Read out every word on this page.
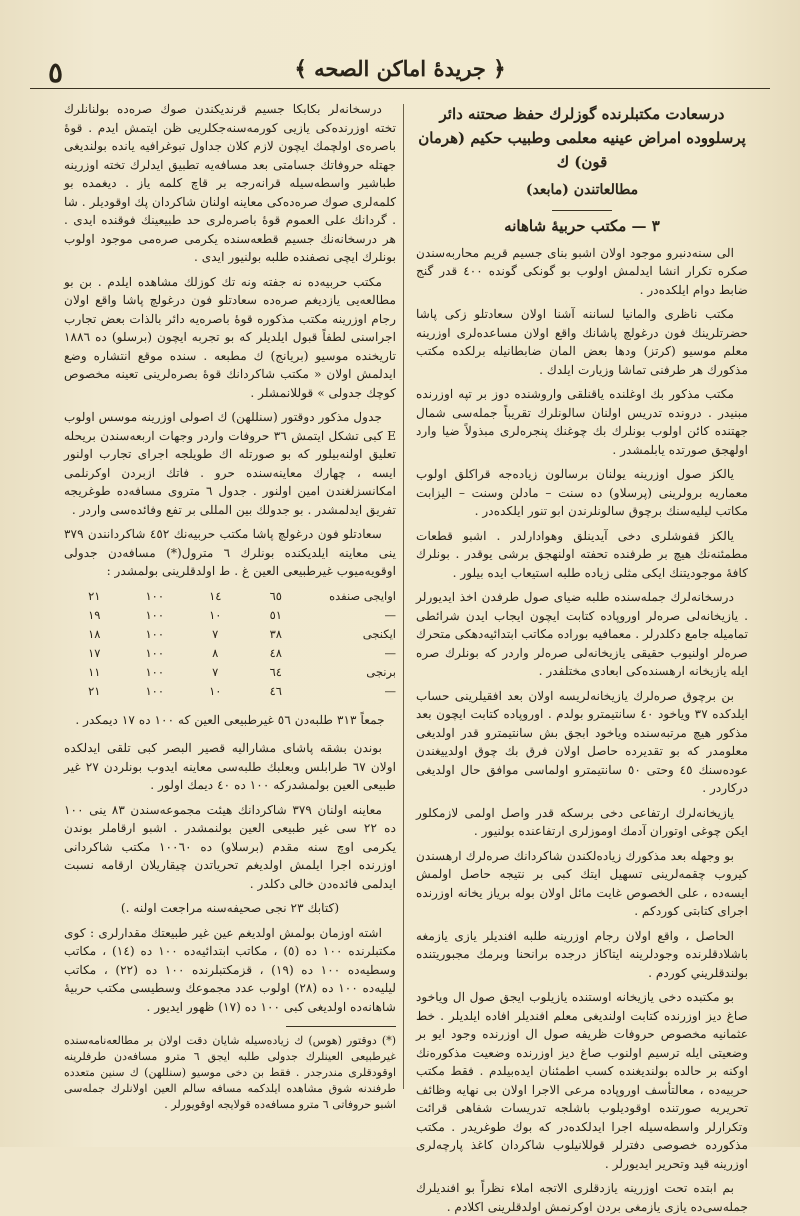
٥	﴿ جريدهٔ اماكن الصحه ﴾
درسعادت مكتبلرنده گوزلرك حفظ صحتنه دائر پرسلووده امراض عينيه معلمی وطبيب حكيم (هرمان قون) ك
مطالعاتندن (مابعد)
٣ — مكتب حربيهٔ شاهانه

الی سنه‌دنبرو موجود اولان اشبو بنای جسيم قريم محاربه‌سندن صكره تكرار انشا ايدلمش اولوب بو گونكی گونده ٤٠٠ قدر گنج ضابط دوام ايلكده‌در .

مكتب ناظری والمانيا لساننه آشنا اولان سعادتلو زكی پاشا حضرتلرينك فون درغولچ پاشانك واقع اولان مساعده‌لری اوزرينه معلم موسيو (كرتز) ودها بعض المان ضابطانيله برلكده مكتب مذكورك هر طرفنی تماشا وزيارت ايلدك .

مكتب مذكور بك اوغلنده ياقنلقی واروشنده دوز بر تپه اوزرنده مبنيدر . درونده تدريس اولنان سالونلرك تقريباً جمله‌سی شمال جهتنده كائن اولوب بونلرك بك چوغنك پنجره‌لری مبذولاً ضيا وارد اولهجق صورتده يابلمشدر .

يالكز صول اوزرينه يولنان برسالون زياده‌جه قراكلق اولوب معماريه برولرينی (پرسلاو) ده سنت – مادلن وسنت – اليزابت مكاتب ليليه‌سنك برچوق سالونلرندن ابو تنور ايلكده‌در .

يالكز قفوشلری دخی آيدينلق وهوادارلدر . اشبو قطعات مطمئنه‌نك هيچ بر طرفنده تحفته اولنهجق برشی يوقدر . بونلرك كافهٔ موجوديتنك ايكی مثلی زياده طلبه استيعاب ايده بيلور .

درسخانه‌لرك جمله‌سنده طلبه ضيای صول طرفدن اخذ ايديورلر . يازيخانه‌لی صره‌لر اوروپاده كتابت ايچون ايجاب ايدن شرائطی تماميله جامع دكلدرلر . معمافيه بوراده مكاتب ابتدائيه‌دهكی متحرك صره‌لر اولنيوب حقيقی يازيخانه‌لی صره‌لر واردر كه بونلرك صره ايله يازيخانه ارهسنده‌كی ابعادی مختلفدر .

بن برچوق صره‌لرك يازيخانه‌لريسه اولان بعد افقيلرينی حساب ايلدكده ٣٧ وياخود ٤٠ سانتيمترو بولدم . اوروپاده كتابت ايچون بعد مذكور هيچ مرتبه‌سنده وياخود ابجق بش سانتيمترو قدر اولديغی معلومدر كه بو تقديرده حاصل اولان فرق بك چوق اولدييغندن عوده‌سنك ٤٥ وحتی ٥٠ سانتيمترو اولماسی موافق حال اولديغی دركاردر .

يازيخانه‌لرك ارتفاعی دخی برسكه قدر واصل اولمی لازمكلور ايكن چوغی اوتوران آدمك اوموزلری ارتفاعنده بولنيور .

بو وجهله بعد مذكورك زياده‌لكندن شاكردانك صره‌لرك ارهسندن كيروب چقمه‌لرينی تسهيل ايتك كبی بر نتيجه حاصل اولمش ايسه‌ده ، على الخصوص غايت مائل اولان بوله برياز يخانه اوزرنده اجرای كتابتی كوردكم .

الحاصل ، واقع اولان رجام اوزرينه طلبه افنديلر يازی يازمغه باشلادقلرنده وجودلرينه ايتاكاز درجده برانحنا وبرمك مجبوريتنده بولندقلريني كوردم .

بو مكتبده دخی يازيخانه اوستنده يازيلوب ايجق صول ال وياخود صاغ ديز اوزرنده كتابت اولنديغی معلم افنديلر افاده ايلديلر . خط عثمانيه مخصوص حروفات ظريفه صول ال اوزرنده وجود ايو بر وضعيتی ايله ترسيم اولنوب صاغ ديز اوزرنده وضعيت مذكوره‌نك اوكنه بر حالده بولنديغنده كسب اطمئنان ايده‌بيلدم . فقط مكتب حربيه‌ده ، معالتأسف اوروپاده مرعی الاجرا اولان بی نهايه وظائف تحريريه صورتنده اوقوديلوب باشلجه تدريسات شفاهی قرائت وتكرارلر واسطه‌سيله اجرا ايدلكده‌در كه بوك طوغريدر . مكتب مذكورده خصوصی دفترلر قوللانيلوب شاكردان كاغذ پارچه‌لری اوزرينه قيد وتحرير ايديورلر .

بم ابتده تحت اوزرينه يازدقلری الاتجه املاء نظراً بو افنديلرك جمله‌سی‌ده يازی يازمغی بردن اوكرنمش اولدقلرينی اكلادم .

درسخانه‌لر بكابكا جسيم قرنديكندن صوك صره‌ده بولنانلرك تخته اوزرنده‌كی يازيی كورمه‌سنه‌جكلريی ظن ايتمش ايدم . قوهٔ باصره‌ی اولچمك ايچون لازم كلان جداول تبوغرافيه يانده بولنديغی جهتله حروفاتك جسامتی بعد مسافه‌يه تطبيق ايدلرك تخته اوزرينه طباشير واسطه‌سيله قرانه‌رجه بر قاچ كلمه ياز . ديغمده بو كلمه‌لری صوك صره‌ده‌كی معاينه اولنان شاكردان پك اوقوديلر . شا . گردانك على العموم قوهٔ باصره‌لری حد طبيعينك فوقنده ايدی . هر درسخانه‌نك جسيم قطعه‌سنده يكرمی صره‌می موجود اولوب بونلرك ايچی نصفنده طلبه بولنيور ايدی .

مكتب حربيه‌ده نه جفته ونه تك كوزلك مشاهده ايلدم . بن بو مطالعه‌يی يازديغم صره‌ده سعادتلو فون درغولچ پاشا واقع اولان رجام اوزرينه مكتب مذكوره قوهٔ باصره‌يه دائر بالذات بعض تجارب اجراسنی لطفاً قبول ايلديلر كه بو تجربه ايچون (برسلو) ده ١٨٨٦ تاريخنده موسيو (بريانج) ك مطبعه . سنده موقع انتشاره وضع ايدلمش اولان « مكتب شاكردانك قوهٔ بصره‌لرينی تعينه مخصوص كوچك جدولی » قوللانمشلر .

جدول مذكور دوقتور (سنللهن) ك اصولی اوزرينه موسس اولوب E كبی تشكل ايتمش ٣٦ حروفات واردر وجهات اربعه‌سندن بريحله تعليق اولنه‌بيلور كه بو صورتله اك طويلجه اجرای تجارب اولنور ايسه ، چهارك معاينه‌سنده حرو . فاتك ازبردن اوكرنلمی امكانسزلغندن امين اولنور . جدول ٦ متروى مسافه‌ده طوغريجه تفريق ايدلمشدر . بو جدولك بين المللی بر تفع وفائده‌سی واردر .

سعادتلو فون درغولچ پاشا مكتب حربيه‌نك ٤٥٢ شاكردانندن ٣٧٩ ينی معاينه ايلديكنده بونلرك ٦ مترول(*) مسافه‌دن جدولی اوقويه‌ميوب غيرطبيعی العين غ . ط اولدقلرينی بولمشدر :

اوايجی صنفده
٦٥
١٤
١٠٠
٢١
—
٥١
١٠
١٠٠
١٩
ايكنجی
٣٨
٧
١٠٠
١٨
—
٤٨
٨
١٠٠
١٧
برنجی
٦٤
٧
١٠٠
١١
—
٤٦
١٠
١٠٠
٢١
جمعاً ٣١٣ طلبه‌دن ٥٦ غيرطبيعی العين كه ١٠٠ ده ١٧ ديمكدر .

بوندن بشقه پاشای مشاراليه قصير البصر كبی تلقی ايدلكده اولان ٦٧ طرابلس وبعلبك طلبه‌سی معاينه ايدوب بونلردن ٢٧ غير طبيعی العين بولمشدركه ١٠٠ ده ٤٠ ديمك اولور .

معاينه اولنان ٣٧٩ شاكردانك هيئت مجموعه‌سندن ٨٣ ينی ١٠٠ ده ٢٢ سی غير طبيعی العين بولنمشدر . اشبو ارقاملر بوندن يكرمی اوچ سنه مقدم (برسلاو) ده ١٠٠٦٠ مكتب شاكردانی اوزرنده اجرا ايلمش اولديغم تحرياتدن چيقاريلان ارقامه نسبت ايدلمی فائده‌دن خالی دكلدر .

(كتابك ٢٣ نجی صحيفه‌سنه مراجعت اولنه .)

اشته اوزمان بولمش اولديغم عين غير طبيعتك مقدارلری : كوی مكتبلرنده ١٠٠ ده (٥) ، مكاتب ابتدائيه‌ده ١٠٠ ده (١٤) ، مكاتب وسطيه‌ده ١٠٠ ده (١٩) ، قزمكتبلرنده ١٠٠ ده (٢٢) ، مكاتب ليليه‌ده ١٠٠ ده (٢٨) اولوب عدد مجموعك وسطيسی مكتب حربيهٔ شاهانه‌ده اولديغی كبی ١٠٠ ده (١٧) ظهور ايديور .

(*) دوقتور (هوس) ك زياده‌سيله شايان دقت اولان بر مطالعه‌نامه‌سنده غيرطبيعی العينلرك جدولی طلبه ايجق ٦ مترو مسافه‌دن طرفلرينه اوقودقلری مندرجدر . فقط بن دخی موسيو (سنللهن) ك سنين متعدده طرفندنه شوق مشاهده ايلدكمه مسافه سالم العين اولانلرك جمله‌سی اشبو حروفاتی ٦ مترو مسافه‌ده قولايجه اوقويورلر .
